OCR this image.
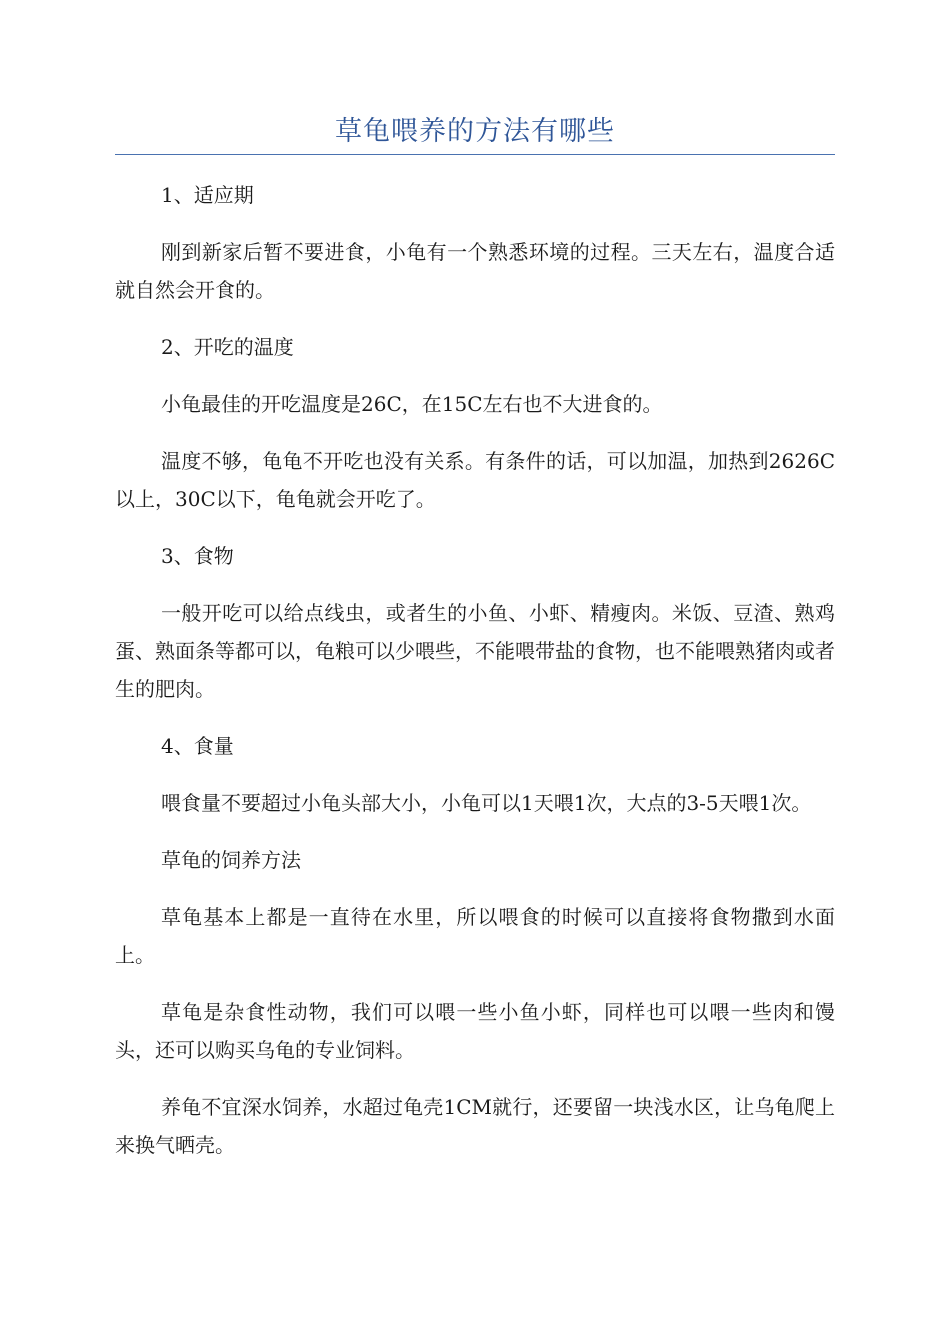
草龟喂养的方法有哪些

1、适应期

刚到新家后暂不要进食，小龟有一个熟悉环境的过程。三天左右，温度合适就自然会开食的。

2、开吃的温度

小龟最佳的开吃温度是26C，在15C左右也不大进食的。

温度不够，龟龟不开吃也没有关系。有条件的话，可以加温，加热到2626C以上，30C以下，龟龟就会开吃了。

3、食物

一般开吃可以给点线虫，或者生的小鱼、小虾、精瘦肉。米饭、豆渣、熟鸡蛋、熟面条等都可以，龟粮可以少喂些，不能喂带盐的食物，也不能喂熟猪肉或者生的肥肉。

4、食量

喂食量不要超过小龟头部大小，小龟可以1天喂1次，大点的3-5天喂1次。

草龟的饲养方法

草龟基本上都是一直待在水里，所以喂食的时候可以直接将食物撒到水面上。

草龟是杂食性动物，我们可以喂一些小鱼小虾，同样也可以喂一些肉和馒头，还可以购买乌龟的专业饲料。

养龟不宜深水饲养，水超过龟壳1CM就行，还要留一块浅水区，让乌龟爬上来换气晒壳。
